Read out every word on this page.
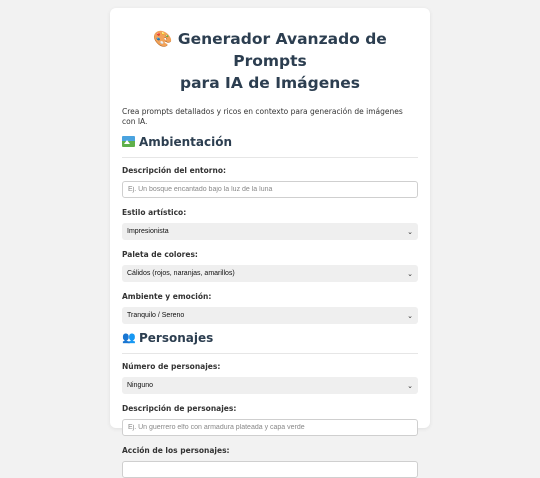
🎨 Generador Avanzado de Prompts
para IA de Imágenes
Crea prompts detallados y ricos en contexto para generación de imágenes con IA.
Ambientación
Descripción del entorno:
Ej. Un bosque encantado bajo la luz de la luna
Estilo artístico:
Impresionista	⌄
Paleta de colores:
Cálidos (rojos, naranjas, amarillos)	⌄
Ambiente y emoción:
Tranquilo / Sereno	⌄
👥 Personajes
Número de personajes:
Ninguno	⌄
Descripción de personajes:
Ej. Un guerrero elfo con armadura plateada y capa verde
Acción de los personajes:
